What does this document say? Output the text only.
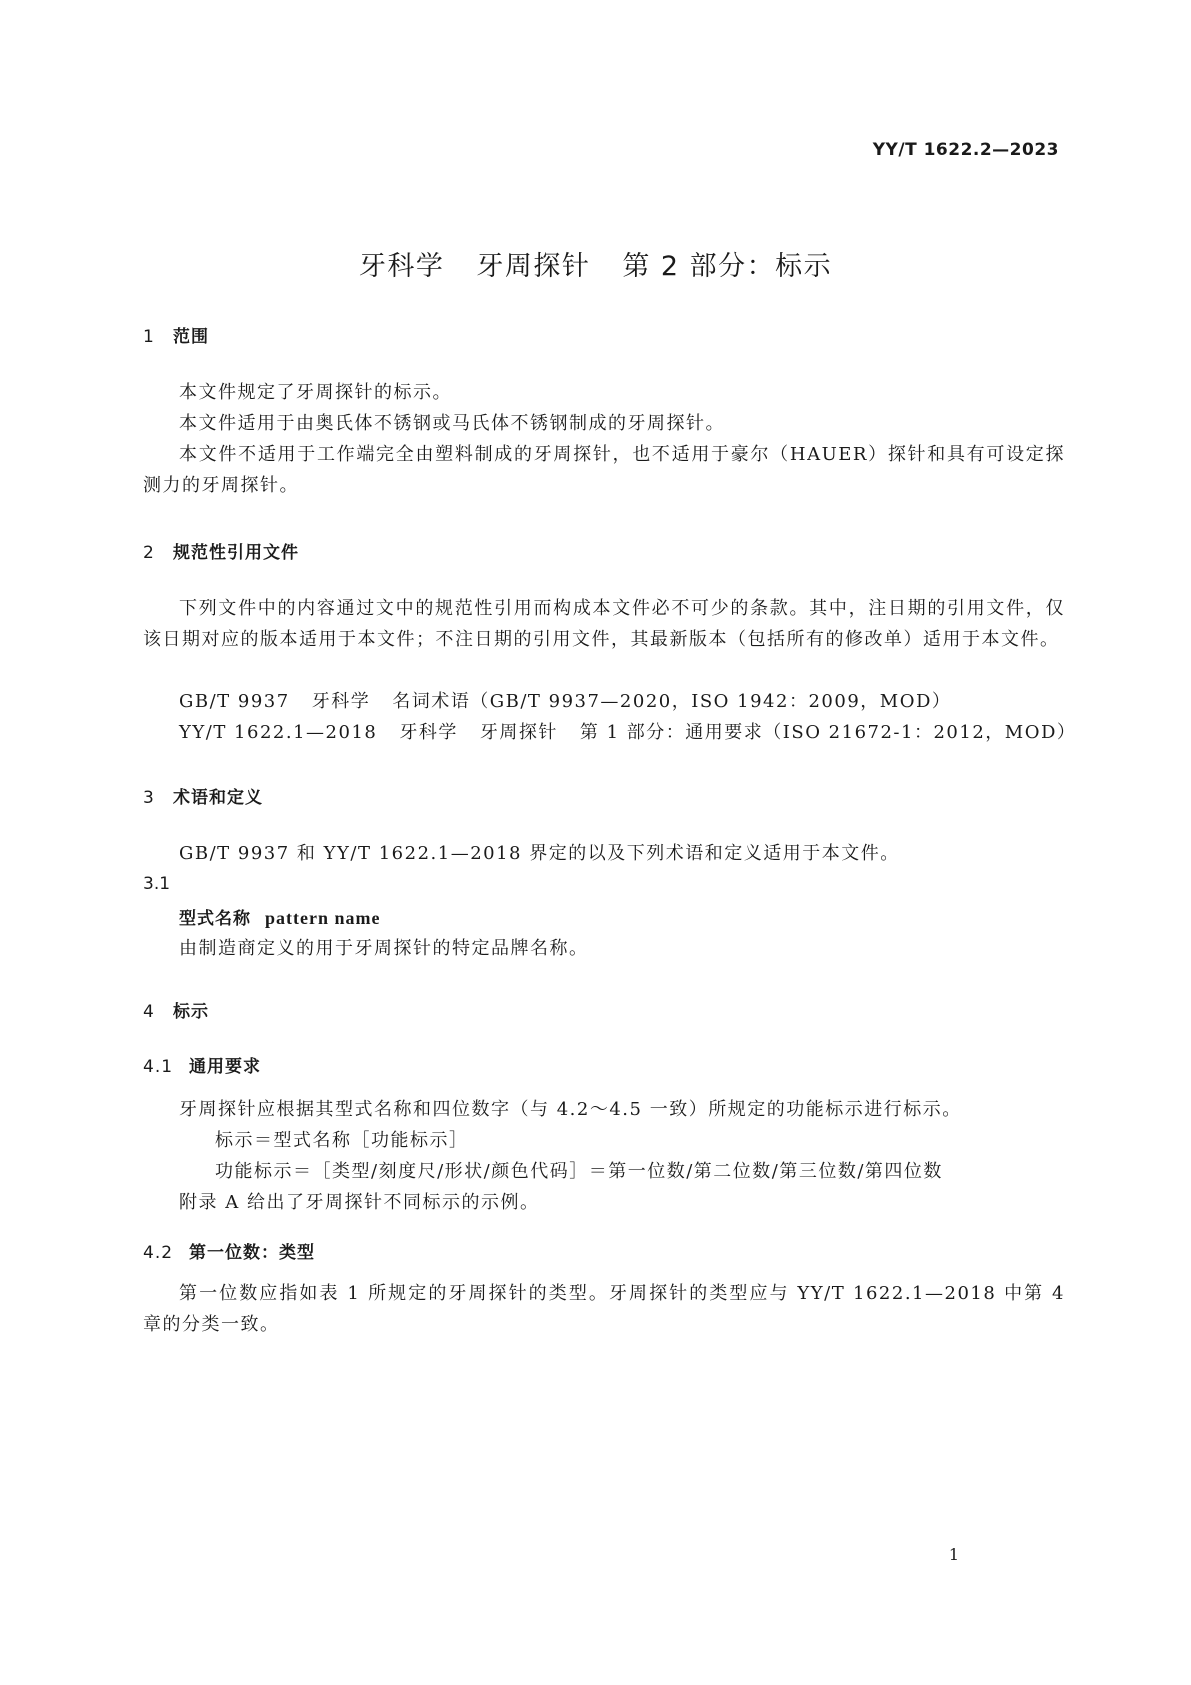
YY/T 1622.2—2023
牙科学 牙周探针 第 2 部分：标示
1 范围
本文件规定了牙周探针的标示。
本文件适用于由奥氏体不锈钢或马氏体不锈钢制成的牙周探针。
本文件不适用于工作端完全由塑料制成的牙周探针，也不适用于豪尔（HAUER）探针和具有可设定探测力的牙周探针。
2 规范性引用文件
下列文件中的内容通过文中的规范性引用而构成本文件必不可少的条款。其中，注日期的引用文件，仅该日期对应的版本适用于本文件；不注日期的引用文件，其最新版本（包括所有的修改单）适用于本文件。
GB/T 9937 牙科学 名词术语（GB/T 9937—2020，ISO 1942：2009，MOD）
YY/T 1622.1—2018 牙科学 牙周探针 第 1 部分：通用要求（ISO 21672-1：2012，MOD）
3 术语和定义
GB/T 9937 和 YY/T 1622.1—2018 界定的以及下列术语和定义适用于本文件。
3.1
型式名称 pattern name
由制造商定义的用于牙周探针的特定品牌名称。
4 标示
4.1 通用要求
牙周探针应根据其型式名称和四位数字（与 4.2～4.5 一致）所规定的功能标示进行标示。
标示＝型式名称［功能标示］
功能标示＝［类型/刻度尺/形状/颜色代码］＝第一位数/第二位数/第三位数/第四位数
附录 A 给出了牙周探针不同标示的示例。
4.2 第一位数：类型
第一位数应指如表 1 所规定的牙周探针的类型。牙周探针的类型应与 YY/T 1622.1—2018 中第 4 章的分类一致。
1
